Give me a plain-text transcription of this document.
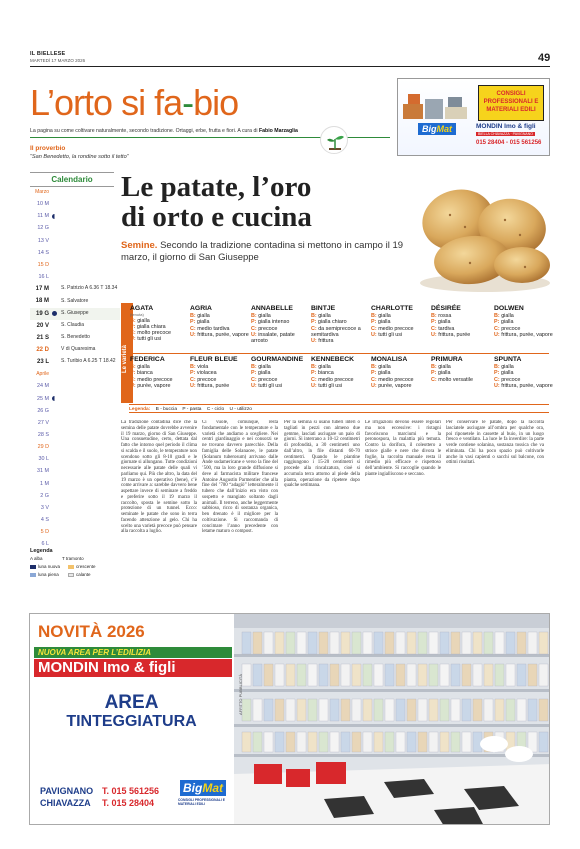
IL BIELLESE
MARTEDÌ 17 MARZO 2026	49
L’orto si fa-bio
La pagina su come coltivare naturalmente, secondo tradizione. Ortaggi, erbe, frutta e fiori. A cura di Fabio Marzaglia
Il proverbio
“San Benedetto, la rondine sotto il tetto”
CONSIGLI PROFESSIONALI E MATERIALI EDILI
BigMat	MONDIN Imo & figli
BIELLA CHIAVAZZA · PAVIGNANO
015 28404 - 015 561256
Calendario
Marzo
10 M
11 M
12 G
13 V
14 S
15 D
16 L
17 M	S. Patrizio A 6.36 T 18.34
18 M	S. Salvatore
19 G	S. Giuseppe
20 V	S. Claudia
21 S	S. Benedetto
22 D	V di Quaresima
23 L	S. Turibio A 6.25 T 18.42
Aprile
24 M
25 M
26 G
27 V
28 S
29 D
30 L
31 M
1 M
2 G
3 V
4 S
5 D
6 L
Legenda
A alba	T tramonto
luna nuova	crescente
luna piena	calante
Le patate, l’oro
di orto e cucina
Semine. Secondo la tradizione contadina si mettono in campo il 19 marzo, il giorno di San Giuseppe
Le varietà
AGATA
(tenuta)
B: gialla
P: gialla chiara
C: molto precoce
U: tutti gli usi
AGRIA
B: gialla
P: gialla
C: medio tardiva
U: frittura, purée, vapore
ANNABELLE
B: gialla
P: gialla intenso
C: precoce
U: insalate, patate arrosto
BINTJE
B: gialla
P: gialla chiaro
C: da semiprecoce a semitardiva
U: frittura
CHARLOTTE
B: gialla
P: gialla
C: medio precoce
U: tutti gli usi
DÉSIRÉE
B: rossa
P: gialla
C: tardiva
U: frittura, purée
DOLWEN
B: gialla
P: gialla
C: precoce
U: frittura, purée, vapore
FEDERICA
B: gialla
P: bianca
C: medio precoce
U: purée, vapore
FLEUR BLEUE
B: viola
P: violacea
C: precoce
U: frittura, purée
GOURMANDINE
B: gialla
P: gialla
C: precoce
U: tutti gli usi
KENNEBECK
B: gialla
P: bianca
C: medio precoce
U: tutti gli usi
MONALISA
B: gialla
P: gialla
C: medio precoce
U: purée, vapore
PRIMURA
B: gialla
P: gialla
C: molto versatile
SPUNTA
B: gialla
P: gialla
C: precoce
U: frittura, purée, vapore
Legenda: B - buccia P - pasta C - ciclo U - utilizzo
La tradizione contadina dice che la semina delle patate dovrebbe avvenire il 19 marzo, giorno di San Giuseppe. Una consuetudine, certo, dettata dal fatto che intorno quel periodo il clima si scalda e il suolo, le temperature non scendono sotto gli 8-10 gradi e le giornate si allungano. Tutte condizioni necessarie alle patate delle quali vi parliamo qui. Più che altro, la data del 19 marzo è un operativo (bene), c’è come arrivare a: sarebbe davvero bene aspettare invece di seminare a freddo e preferire sotto il 19 marzo il raccolto, sposta le semine sotto la protezione di un tunnel. Ecco: seminate le patate che sono in terra facendo attenzione al gelo. Chi ha scelto una varietà precoce può pensare alla raccolta a luglio.
Ci vuole, comunque, resta fondamentale con le temperature e la varietà che andiamo a scegliere. Nei centri giardinaggio e nei consorzi se ne trovano davvero parecchie. Della famiglia delle Solanacee, le patate (Solanum tuberosum) arrivano dalle Ande sudamericane e verso la fine del ’500, ma la loro grande diffusione si deve al farmacista militare francese Antoine Augustin Parmentier che alla fine del ’700 “adagiò” letteralmente il tubero che dall’inizio era visto con sospetto e mangiato soltanto dagli animali. Il terreno, anche leggermente sabbioso, ricco di sostanza organica, ben drenato è il migliore per la coltivazione. Si raccomanda di concimare l’anno precedente con letame maturo o compost.
Per la semina si usano tuberi interi o tagliati in pezzi con almeno due gemme, lasciati asciugare un paio di giorni. Si interrano a 10-12 centimetri di profondità, a 30 centimetri uno dall’altro, in file distanti 60-70 centimetri. Quando le piantine raggiungono i 15-20 centimetri si procede alla rincalzatura, cioè si accumula terra attorno al piede della pianta, operazione da ripetere dopo qualche settimana.
Le irrigazioni devono essere regolari ma non eccessive: i ristagni favoriscono marciumi e la peronospora, la malattia più temuta. Contro la dorifora, il coleottero a strisce gialle e nere che divora le foglie, la raccolta manuale resta il rimedio più efficace e rispettoso dell’ambiente. Si raccoglie quando le piante ingialliscono e seccano.
Per conservare le patate, dopo la raccolta lasciatele asciugare all’ombra per qualche ora, poi riponetele in cassette al buio, in un luogo fresco e ventilato. La luce le fa inverdire: la parte verde contiene solanina, sostanza tossica che va eliminata. Chi ha poco spazio può coltivarle anche in vasi capienti o sacchi sul balcone, con ottimi risultati.
NOVITÀ 2026
NUOVA AREA PER L’EDILIZIA
MONDIN Imo & figli
AREA
TINTEGGIATURA
PAVIGNANO
CHIAVAZZA
T. 015 561256
T. 015 28404
BigMat
CONSIGLI PROFESSIONALI E MATERIALI EDILI
AFFITTO PUBBLICITÀ
